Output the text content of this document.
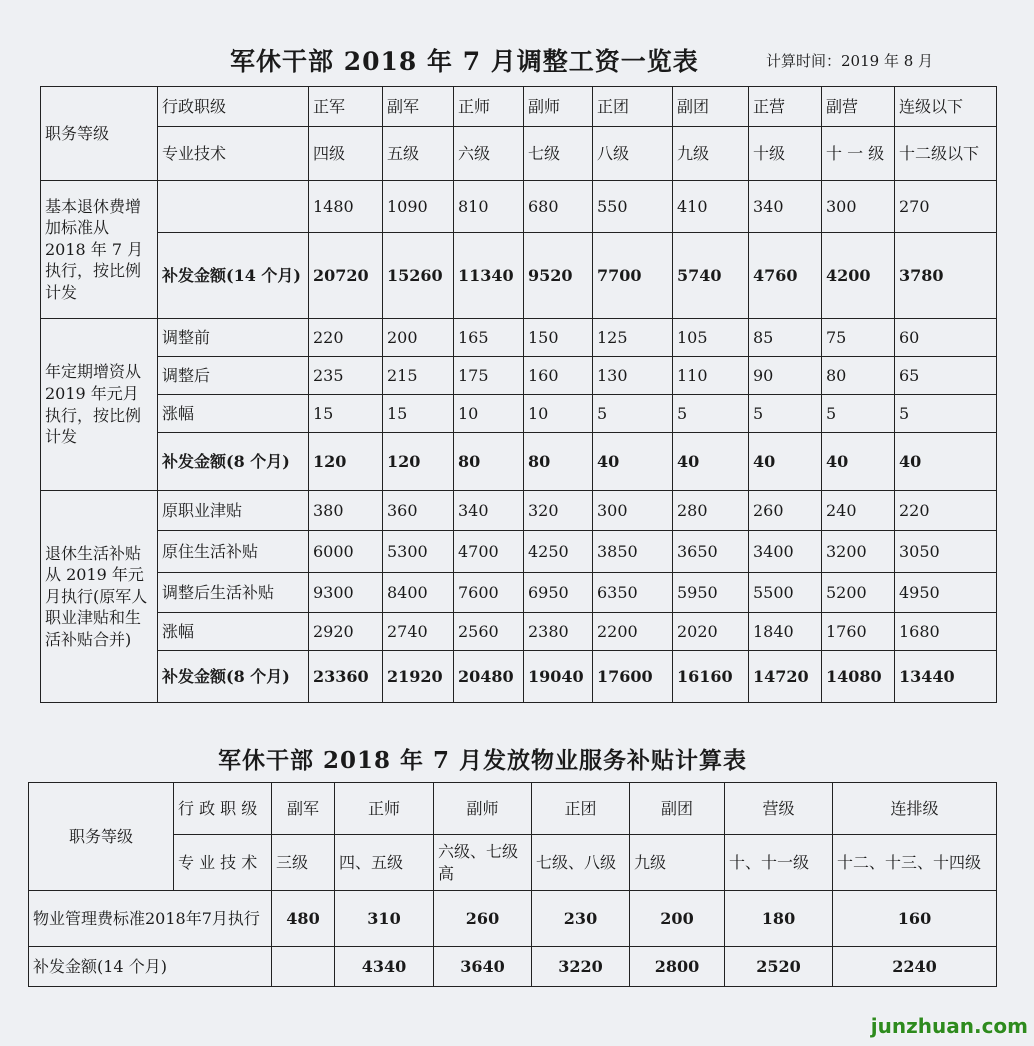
军休干部 2018 年 7 月调整工资一览表	计算时间：2019 年 8 月
职务等级	行政职级	正军	副军	正师	副师	正团	副团	正营	副营	连级以下
	专业技术	四级	五级	六级	七级	八级	九级	十级	十 一 级	十二级以下
基本退休费增加标准从 2018 年 7 月执行，按比例计发		1480	1090	810	680	550	410	340	300	270
	补发金额(14 个月)	20720	15260	11340	9520	7700	5740	4760	4200	3780
年定期增资从 2019 年元月执行，按比例计发	调整前	220	200	165	150	125	105	85	75	60
	调整后	235	215	175	160	130	110	90	80	65
	涨幅	15	15	10	10	5	5	5	5	5
	补发金额(8 个月)	120	120	80	80	40	40	40	40	40
退休生活补贴从 2019 年元月执行(原军人职业津贴和生活补贴合并)	原职业津贴	380	360	340	320	300	280	260	240	220
	原住生活补贴	6000	5300	4700	4250	3850	3650	3400	3200	3050
	调整后生活补贴	9300	8400	7600	6950	6350	5950	5500	5200	4950
	涨幅	2920	2740	2560	2380	2200	2020	1840	1760	1680
	补发金额(8 个月)	23360	21920	20480	19040	17600	16160	14720	14080	13440
军休干部 2018 年 7 月发放物业服务补贴计算表
职务等级	行 政 职 级	副军	正师	副师	正团	副团	营级	连排级
	专 业 技 术	三级	四、五级	六级、七级高	七级、八级	九级	十、十一级	十二、十三、十四级
物业管理费标准2018年7月执行		480	310	260	230	200	180	160
补发金额(14 个月)			4340	3640	3220	2800	2520	2240
junzhuan.com
